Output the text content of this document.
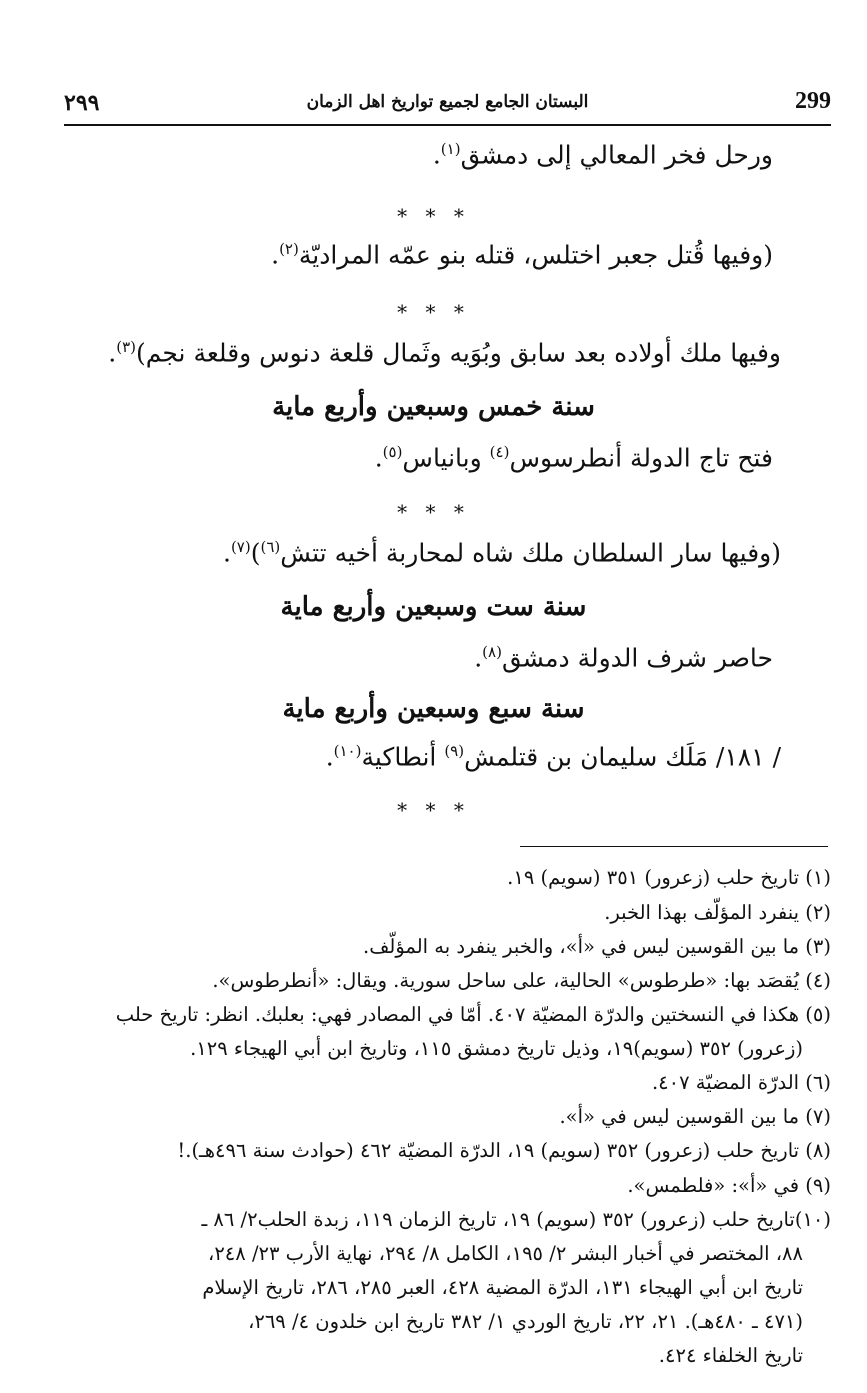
٢٩٩	البستان الجامع لجميع تواريخ اهل الزمان	299
ورحل فخر المعالي إلى دمشق$^{(١)}$.
* * *
(وفيها قُتل جعبر اختلس، قتله بنو عمّه المراديّة$^{(٢)}$.
* * *
وفيها ملك أولاده بعد سابق وبُوَيه وثَمال قلعة دنوس وقلعة نجم)$^{(٣)}$.
سنة خمس وسبعين وأربع ماية
فتح تاج الدولة أنطرسوس$^{(٤)}$ وبانياس$^{(٥)}$.
* * *
(وفيها سار السلطان ملك شاه لمحاربة أخيه تتش$^{(٦)}$)$^{(٧)}$.
سنة ست وسبعين وأربع ماية
حاصر شرف الدولة دمشق$^{(٨)}$.
سنة سبع وسبعين وأربع ماية
/ ١٨١/ مَلَك سليمان بن قتلمش$^{(٩)}$ أنطاكية$^{(١٠)}$.
* * *
(١) تاريخ حلب (زعرور) ٣٥١ (سويم) ١٩.
(٢) ينفرد المؤلّف بهذا الخبر.
(٣) ما بين القوسين ليس في «أ»، والخبر ينفرد به المؤلّف.
(٤) يُقصَد بها: «طرطوس» الحالية، على ساحل سورية. ويقال: «أنطرطوس».
(٥) هكذا في النسختين والدرّة المضيّة ٤٠٧. أمّا في المصادر فهي: بعلبك. انظر: تاريخ حلب
(زعرور) ٣٥٢ (سويم)١٩، وذيل تاريخ دمشق ١١٥، وتاريخ ابن أبي الهيجاء ١٢٩.
(٦) الدرّة المضيّة ٤٠٧.
(٧) ما بين القوسين ليس في «أ».
(٨) تاريخ حلب (زعرور) ٣٥٢ (سويم) ١٩، الدرّة المضيّة ٤٦٢ (حوادث سنة ٤٩٦هـ).!
(٩) في «أ»: «فلطمس».
(١٠)تاريخ حلب (زعرور) ٣٥٢ (سويم) ١٩، تاريخ الزمان ١١٩، زبدة الحلب٢/ ٨٦ ـ
٨٨، المختصر في أخبار البشر ٢/ ١٩٥، الكامل ٨/ ٢٩٤، نهاية الأرب ٢٣/ ٢٤٨،
تاريخ ابن أبي الهيجاء ١٣١، الدرّة المضية ٤٢٨، العبر ٢٨٥، ٢٨٦، تاريخ الإسلام
(٤٧١ ـ ٤٨٠هـ). ٢١، ٢٢، تاريخ الوردي ١/ ٣٨٢ تاريخ ابن خلدون ٤/ ٢٦٩،
تاريخ الخلفاء ٤٢٤.
